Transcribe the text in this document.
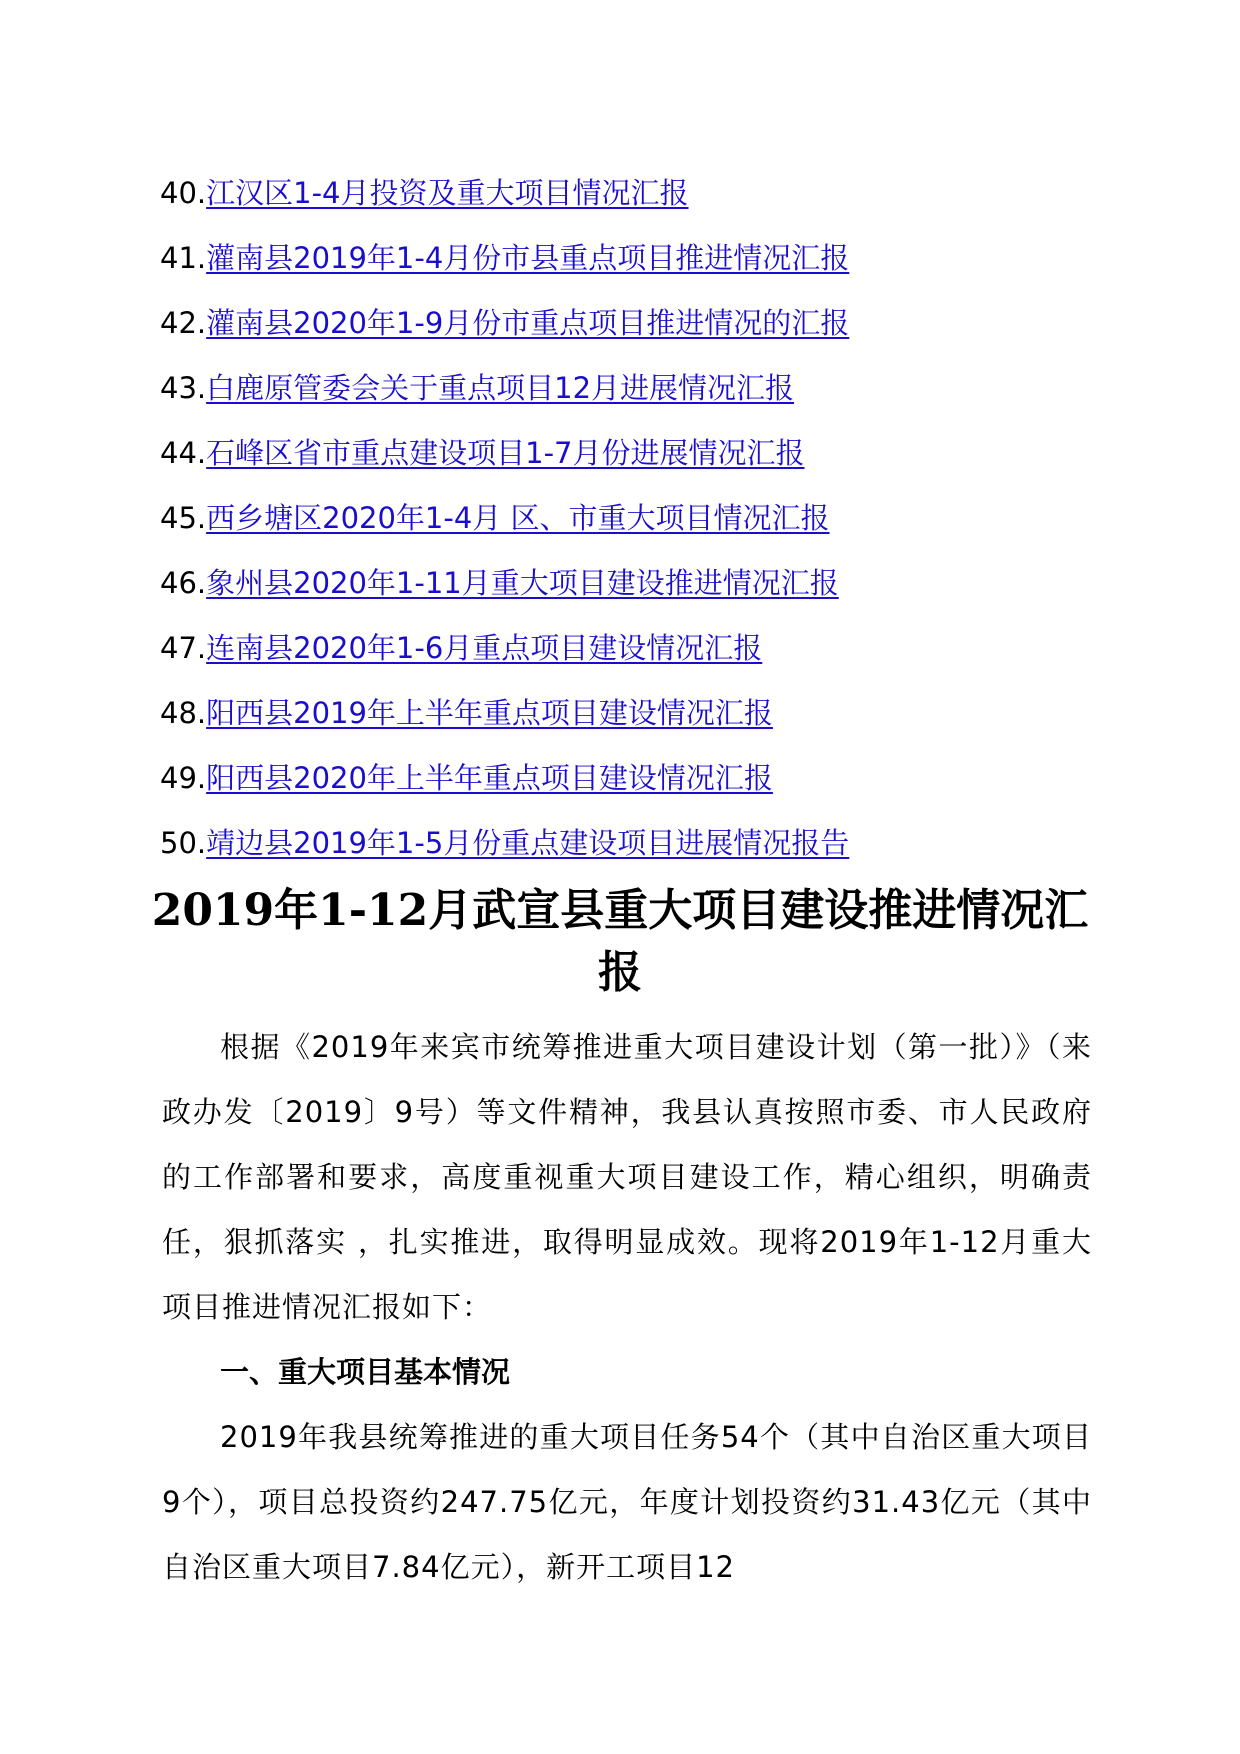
40.江汉区1-4月投资及重大项目情况汇报
41.灌南县2019年1-4月份市县重点项目推进情况汇报
42.灌南县2020年1-9月份市重点项目推进情况的汇报
43.白鹿原管委会关于重点项目12月进展情况汇报
44.石峰区省市重点建设项目1-7月份进展情况汇报
45.西乡塘区2020年1-4月 区、市重大项目情况汇报
46.象州县2020年1-11月重大项目建设推进情况汇报
47.连南县2020年1-6月重点项目建设情况汇报
48.阳西县2019年上半年重点项目建设情况汇报
49.阳西县2020年上半年重点项目建设情况汇报
50.靖边县2019年1-5月份重点建设项目进展情况报告
2019年1-12月武宣县重大项目建设推进情况汇报

根据《2019年来宾市统筹推进重大项目建设计划（第一批）》（来政办发〔2019〕9号）等文件精神，我县认真按照市委、市人民政府的工作部署和要求，高度重视重大项目建设工作，精心组织，明确责任，狠抓落实 ，扎实推进，取得明显成效。现将2019年1-12月重大项目推进情况汇报如下：

一、重大项目基本情况

2019年我县统筹推进的重大项目任务54个（其中自治区重大项目9个），项目总投资约247.75亿元，年度计划投资约31.43亿元（其中自治区重大项目7.84亿元），新开工项目12
